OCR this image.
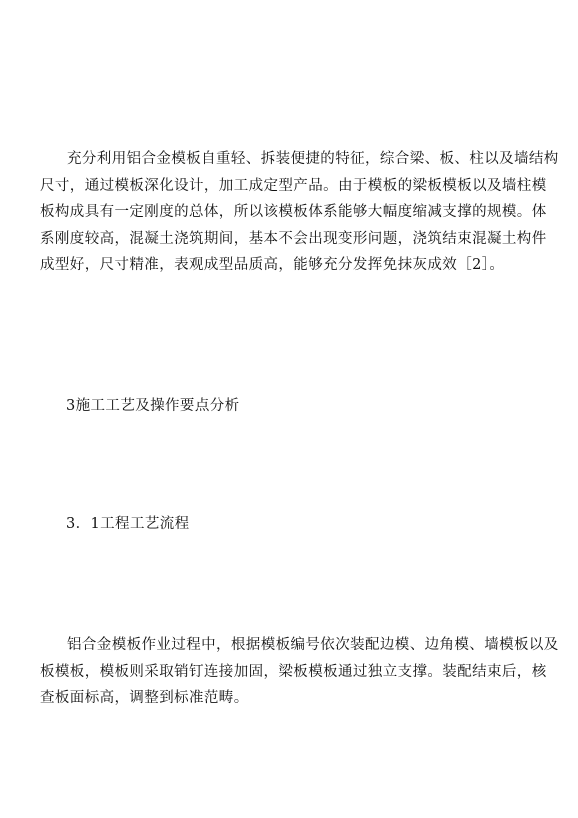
充分利用铝合金模板自重轻、拆装便捷的特征，综合梁、板、柱以及墙结构
尺寸，通过模板深化设计，加工成定型产品。由于模板的梁板模板以及墙柱模
板构成具有一定刚度的总体，所以该模板体系能够大幅度缩减支撑的规模。体
系刚度较高，混凝土浇筑期间，基本不会出现变形问题，浇筑结束混凝土构件
成型好，尺寸精准，表观成型品质高，能够充分发挥免抹灰成效［2］。

3施工工艺及操作要点分析
3．1工程工艺流程

铝合金模板作业过程中，根据模板编号依次装配边模、边角模、墙模板以及
板模板，模板则采取销钉连接加固，梁板模板通过独立支撑。装配结束后，核
查板面标高，调整到标准范畴。
